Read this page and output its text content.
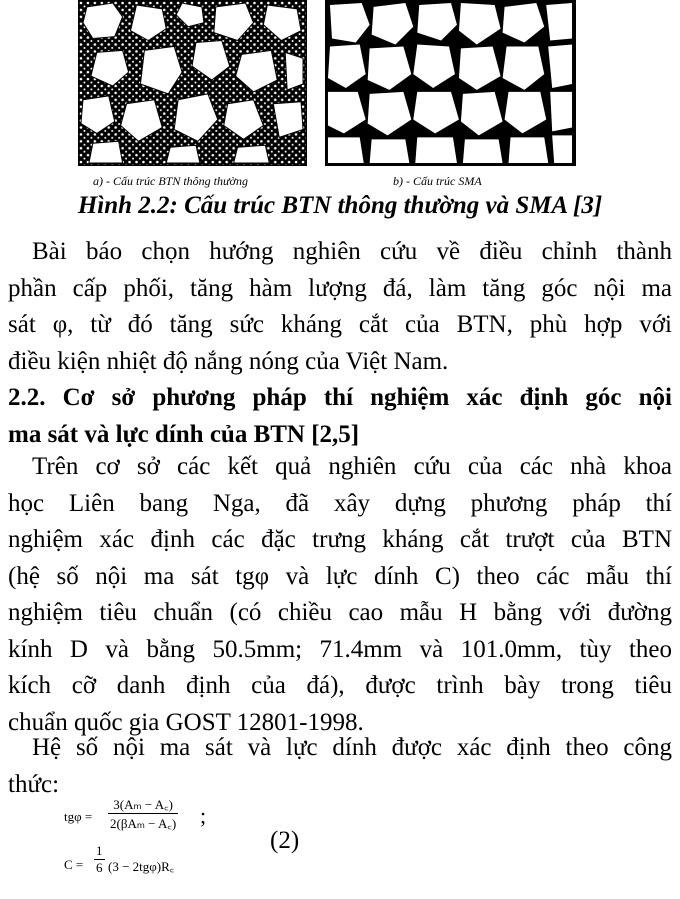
a) - Cấu trúc BTN thông thường	b) - Cấu trúc SMA
Hình 2.2: Cấu trúc BTN thông thường và SMA [3]
Bài báo chọn hướng nghiên cứu về điều chỉnh thành
phần cấp phối, tăng hàm lượng đá, làm tăng góc nội ma
sát φ, từ đó tăng sức kháng cắt của BTN, phù hợp với
điều kiện nhiệt độ nắng nóng của Việt Nam.
2.2. Cơ sở phương pháp thí nghiệm xác định góc nội
ma sát và lực dính của BTN [2,5]
Trên cơ sở các kết quả nghiên cứu của các nhà khoa
học Liên bang Nga, đã xây dựng phương pháp thí
nghiệm xác định các đặc trưng kháng cắt trượt của BTN
(hệ số nội ma sát tgφ và lực dính C) theo các mẫu thí
nghiệm tiêu chuẩn (có chiều cao mẫu H bằng với đường
kính D và bằng 50.5mm; 71.4mm và 101.0mm, tùy theo
kích cỡ danh định của đá), được trình bày trong tiêu
chuẩn quốc gia GOST 12801-1998.
Hệ số nội ma sát và lực dính được xác định theo công
thức:
tgφ =
3(Aₘ − A꜀)
2(βAₘ − A꜀) ;
$C = \frac{1}{6} (3$ − 2tgφ)R꜀
(2)
